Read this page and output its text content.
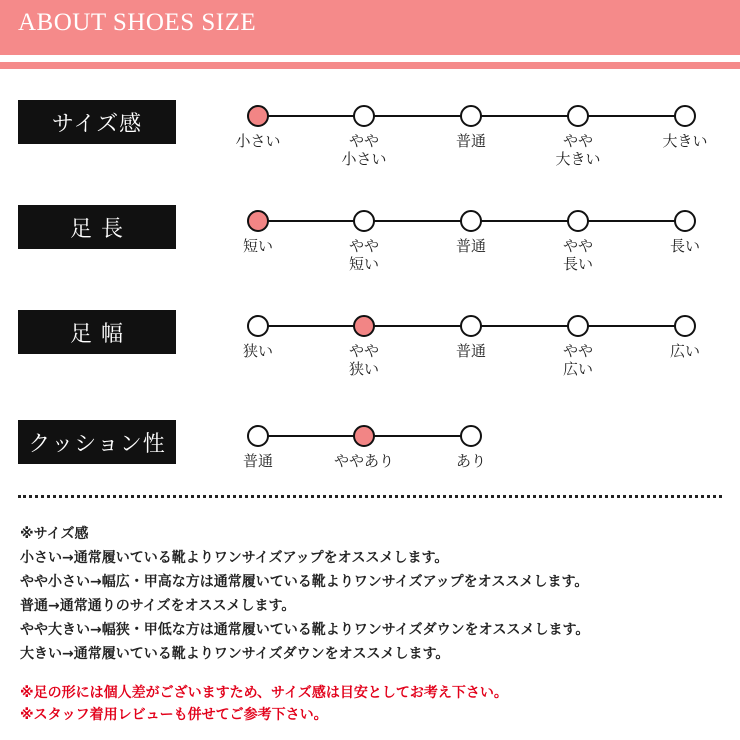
ABOUT SHOES SIZE
サイズ感
小さい	やや
小さい
普通	やや
大きい
大きい
足 長
短い	やや
短い
普通	やや
長い
長い
足 幅
狭い	やや
狭い
普通	やや
広い
広い
クッション性
普通	ややあり	あり
※サイズ感
小さい→通常履いている靴よりワンサイズアップをオススメします。
やや小さい→幅広・甲高な方は通常履いている靴よりワンサイズアップをオススメします。
普通→通常通りのサイズをオススメします。
やや大きい→幅狭・甲低な方は通常履いている靴よりワンサイズダウンをオススメします。
大きい→通常履いている靴よりワンサイズダウンをオススメします。
※足の形には個人差がございますため、サイズ感は目安としてお考え下さい。
※スタッフ着用レビューも併せてご参考下さい。
